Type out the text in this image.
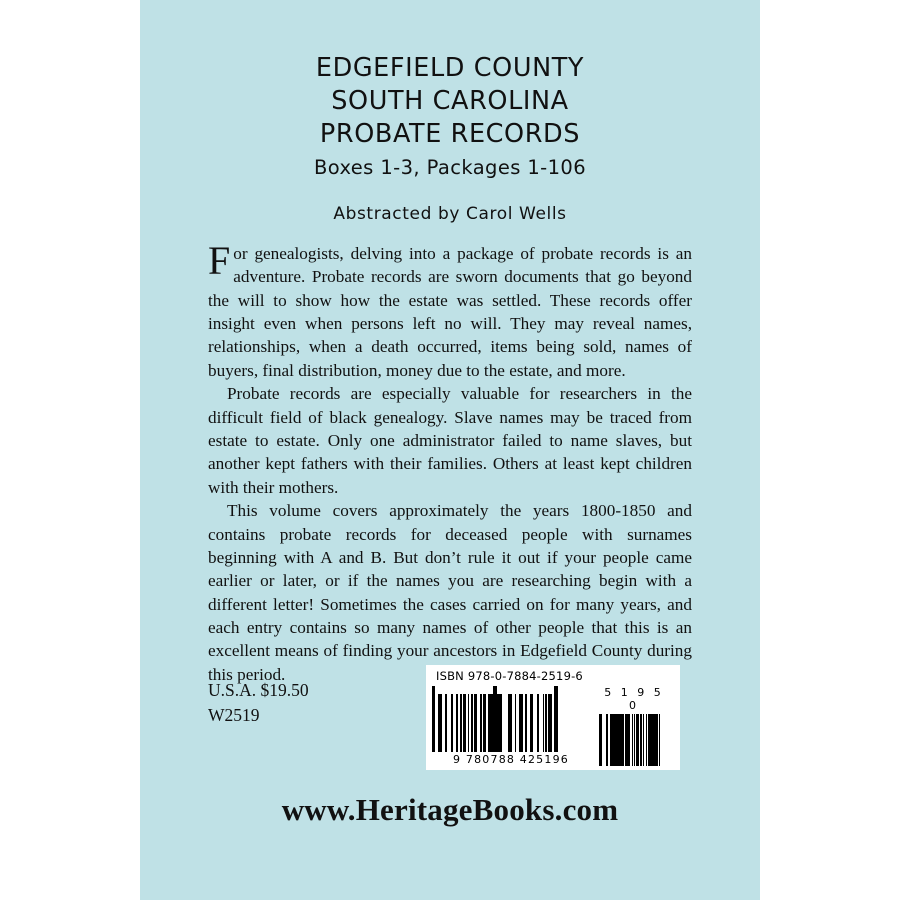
EDGEFIELD COUNTY
SOUTH CAROLINA
PROBATE RECORDS
Boxes 1-3, Packages 1-106
Abstracted by Carol Wells

For genealogists, delving into a package of probate records is an adventure. Probate records are sworn documents that go beyond the will to show how the estate was settled. These records offer insight even when persons left no will. They may reveal names, relationships, when a death occurred, items being sold, names of buyers, final distribution, money due to the estate, and more.

Probate records are especially valuable for researchers in the difficult field of black genealogy. Slave names may be traced from estate to estate. Only one administrator failed to name slaves, but another kept fathers with their families. Others at least kept children with their mothers.

This volume covers approximately the years 1800-1850 and contains probate records for deceased people with surnames beginning with A and B. But don’t rule it out if your people came earlier or later, or if the names you are researching begin with a different letter! Sometimes the cases carried on for many years, and each entry contains so many names of other people that this is an excellent means of finding your ancestors in Edgefield County during this period.

U.S.A. $19.50
W2519
ISBN 978-0-7884-2519-6
9 780788 425196
5 1 9 5 0
www.HeritageBooks.com
